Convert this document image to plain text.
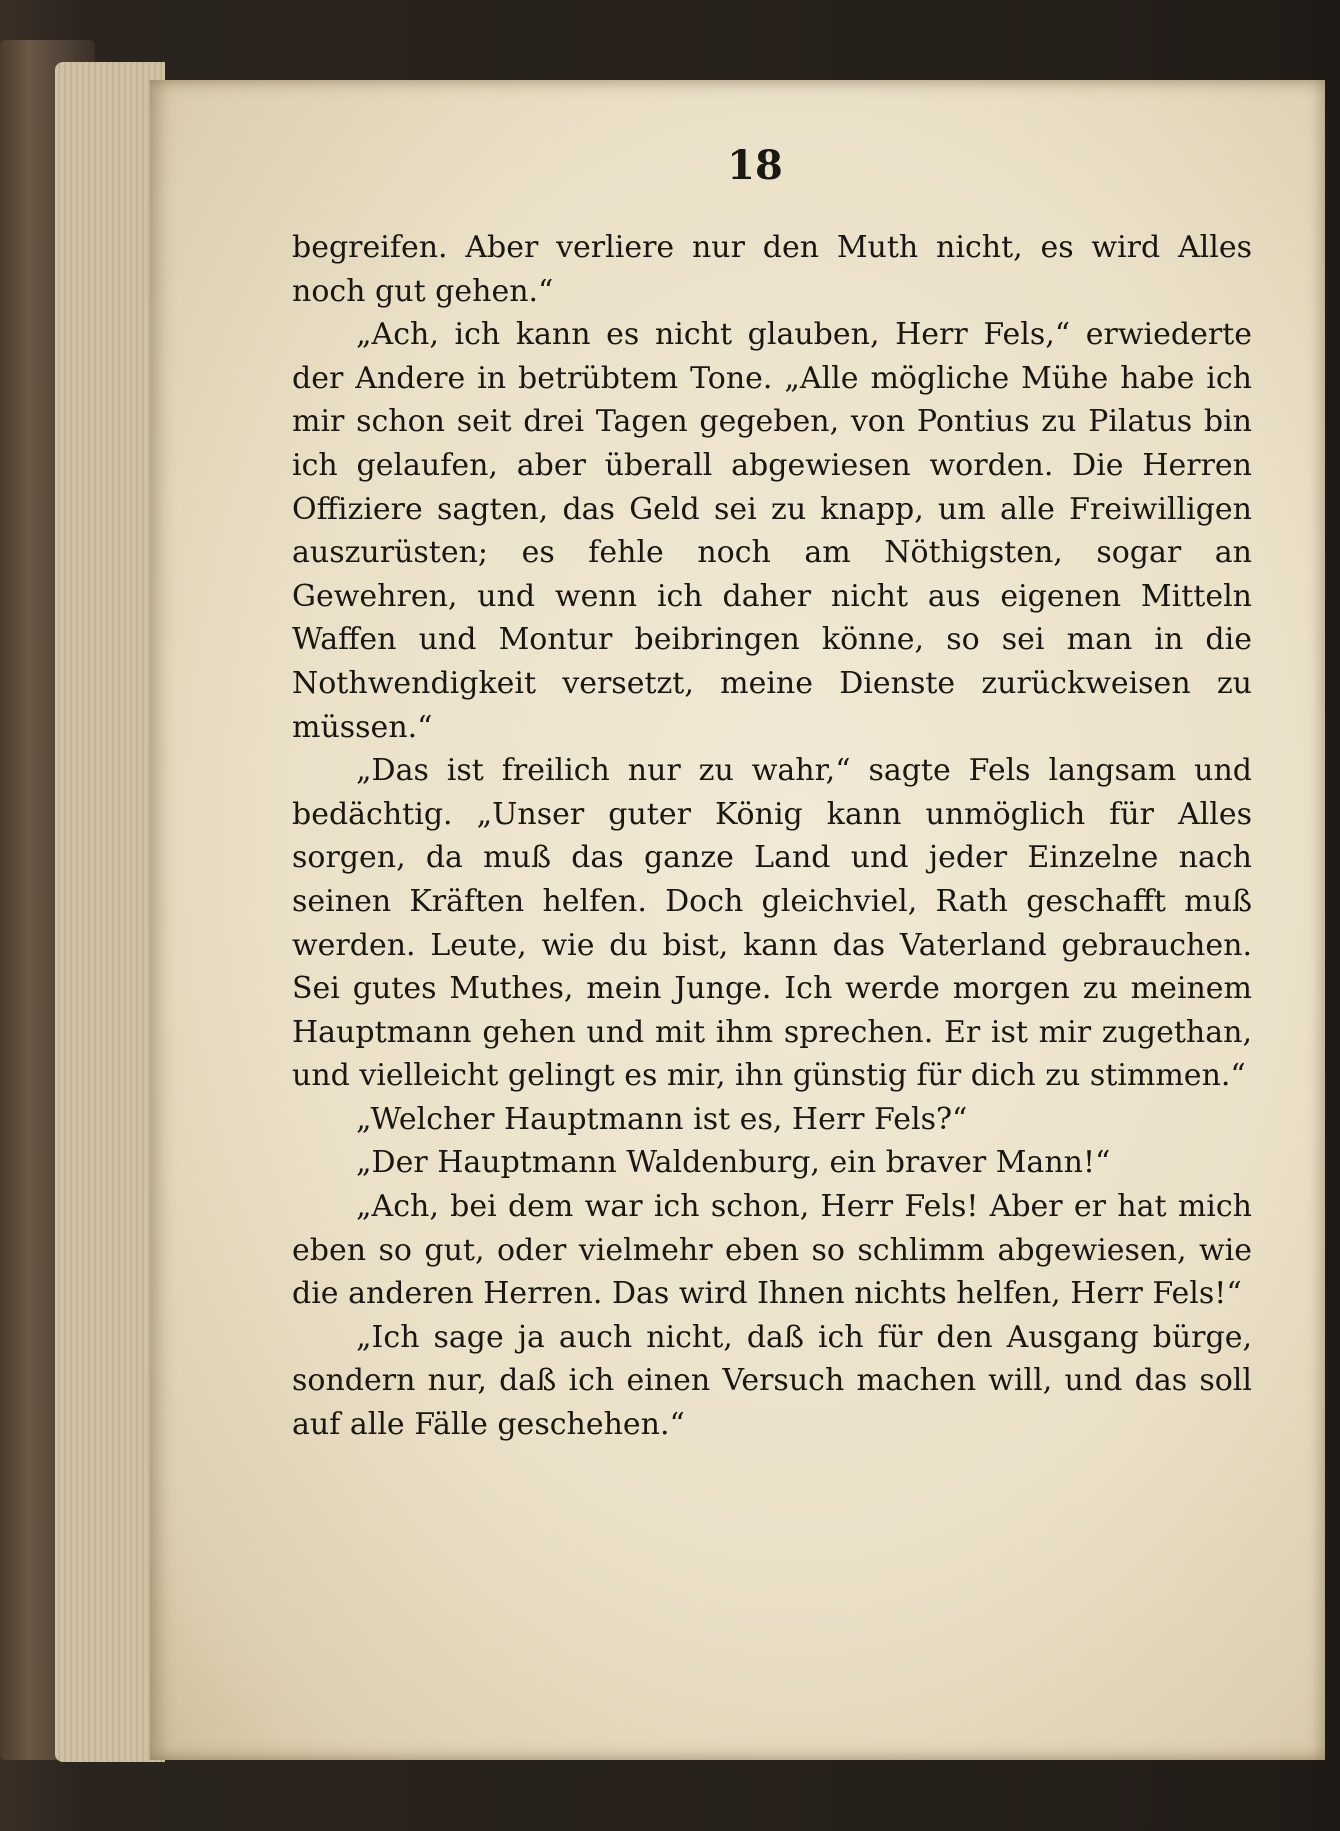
18

begreifen. Aber verliere nur den Muth nicht, es wird Alles noch gut gehen.“

„Ach, ich kann es nicht glauben, Herr Fels,“ erwiederte der Andere in betrübtem Tone. „Alle mögliche Mühe habe ich mir schon seit drei Tagen gegeben, von Pontius zu Pilatus bin ich gelaufen, aber überall abgewiesen worden. Die Herren Offiziere sagten, das Geld sei zu knapp, um alle Freiwilligen auszurüsten; es fehle noch am Nöthigsten, sogar an Gewehren, und wenn ich daher nicht aus eigenen Mitteln Waffen und Montur beibringen könne, so sei man in die Nothwendigkeit versetzt, meine Dienste zurückweisen zu müssen.“

„Das ist freilich nur zu wahr,“ sagte Fels langsam und bedächtig. „Unser guter König kann unmöglich für Alles sorgen, da muß das ganze Land und jeder Einzelne nach seinen Kräften helfen. Doch gleichviel, Rath geschafft muß werden. Leute, wie du bist, kann das Vaterland gebrauchen. Sei gutes Muthes, mein Junge. Ich werde morgen zu meinem Hauptmann gehen und mit ihm sprechen. Er ist mir zugethan, und vielleicht gelingt es mir, ihn günstig für dich zu stimmen.“

„Welcher Hauptmann ist es, Herr Fels?“

„Der Hauptmann Waldenburg, ein braver Mann!“

„Ach, bei dem war ich schon, Herr Fels! Aber er hat mich eben so gut, oder vielmehr eben so schlimm abgewiesen, wie die anderen Herren. Das wird Ihnen nichts helfen, Herr Fels!“

„Ich sage ja auch nicht, daß ich für den Ausgang bürge, sondern nur, daß ich einen Versuch machen will, und das soll auf alle Fälle geschehen.“
